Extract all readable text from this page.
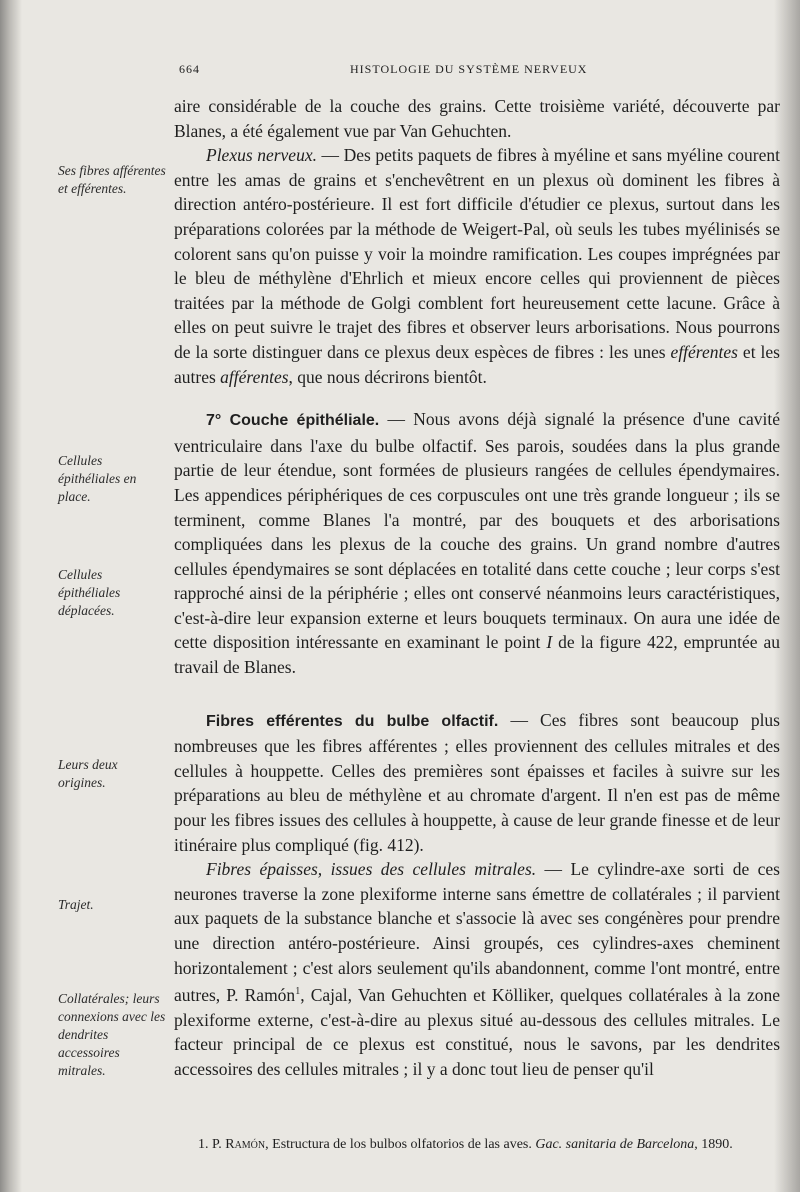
664	HISTOLOGIE DU SYSTÈME NERVEUX
Ses fibres afférentes et efférentes.
Cellules épithéliales en place.
Cellules épithéliales déplacées.
Leurs deux origines.
Trajet.
Collatérales; leurs connexions avec les dendrites accessoires mitrales.

aire considérable de la couche des grains. Cette troisième variété, découverte par Blanes, a été également vue par Van Gehuchten.

Plexus nerveux. — Des petits paquets de fibres à myéline et sans myéline courent entre les amas de grains et s'enchevêtrent en un plexus où dominent les fibres à direction antéro-postérieure. Il est fort difficile d'étudier ce plexus, surtout dans les préparations colorées par la méthode de Weigert-Pal, où seuls les tubes myélinisés se colorent sans qu'on puisse y voir la moindre ramification. Les coupes imprégnées par le bleu de méthylène d'Ehrlich et mieux encore celles qui proviennent de pièces traitées par la méthode de Golgi comblent fort heureusement cette lacune. Grâce à elles on peut suivre le trajet des fibres et observer leurs arborisations. Nous pourrons de la sorte distinguer dans ce plexus deux espèces de fibres : les unes efférentes et les autres afférentes, que nous décrirons bientôt.

7° Couche épithéliale. — Nous avons déjà signalé la présence d'une cavité ventriculaire dans l'axe du bulbe olfactif. Ses parois, soudées dans la plus grande partie de leur étendue, sont formées de plusieurs rangées de cellules épendymaires. Les appendices périphériques de ces corpuscules ont une très grande longueur ; ils se terminent, comme Blanes l'a montré, par des bouquets et des arborisations compliquées dans les plexus de la couche des grains. Un grand nombre d'autres cellules épendymaires se sont déplacées en totalité dans cette couche ; leur corps s'est rapproché ainsi de la périphérie ; elles ont conservé néanmoins leurs caractéristiques, c'est-à-dire leur expansion externe et leurs bouquets terminaux. On aura une idée de cette disposition intéressante en examinant le point I de la figure 422, empruntée au travail de Blanes.

Fibres efférentes du bulbe olfactif. — Ces fibres sont beaucoup plus nombreuses que les fibres afférentes ; elles proviennent des cellules mitrales et des cellules à houppette. Celles des premières sont épaisses et faciles à suivre sur les préparations au bleu de méthylène et au chromate d'argent. Il n'en est pas de même pour les fibres issues des cellules à houppette, à cause de leur grande finesse et de leur itinéraire plus compliqué (fig. 412).

Fibres épaisses, issues des cellules mitrales. — Le cylindre-axe sorti de ces neurones traverse la zone plexiforme interne sans émettre de collatérales ; il parvient aux paquets de la substance blanche et s'associe là avec ses congénères pour prendre une direction antéro-postérieure. Ainsi groupés, ces cylindres-axes cheminent horizontalement ; c'est alors seulement qu'ils abandonnent, comme l'ont montré, entre autres, P. Ramón$^1$, Cajal, Van Gehuchten et Kölliker, quelques collatérales à la zone plexiforme externe, c'est-à-dire au plexus situé au-dessous des cellules mitrales. Le facteur principal de ce plexus est constitué, nous le savons, par les dendrites accessoires des cellules mitrales ; il y a donc tout lieu de penser qu'il

1. P. Ramón, Estructura de los bulbos olfatorios de las aves. Gac. sanitaria de Barcelona, 1890.
